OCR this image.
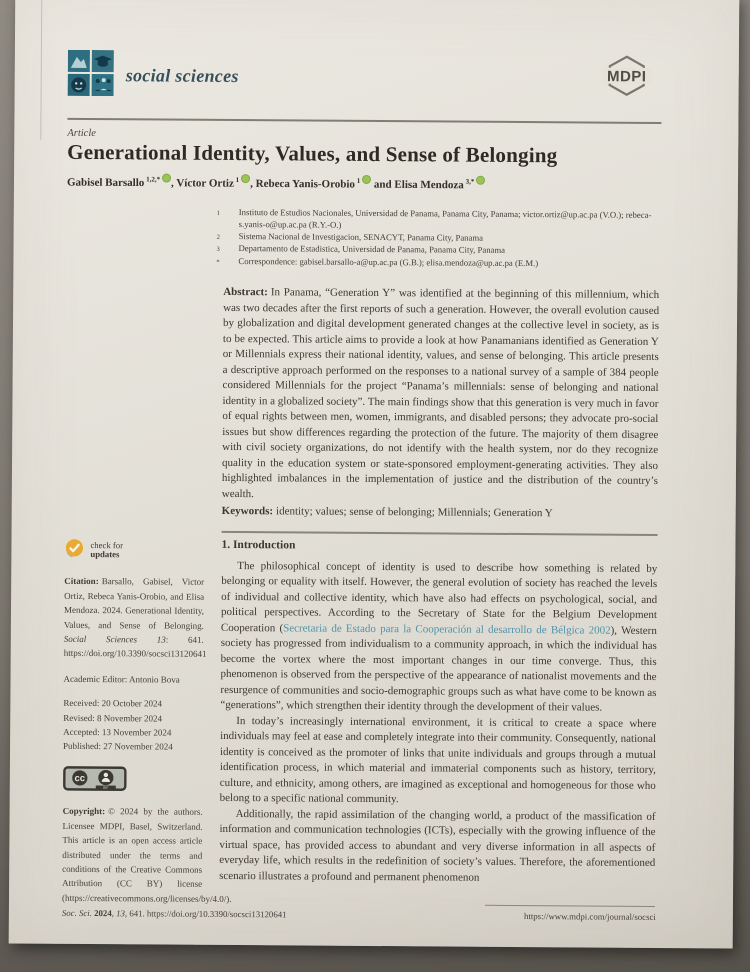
social sciences	MDPI
Article
Generational Identity, Values, and Sense of Belonging
Gabisel Barsallo $^{1,2,*}$ , Víctor Ortiz $^1$ , Rebeca Yanis-Orobio $^1$ and Elisa Mendoza $^{3,*}$
1	Instituto de Estudios Nacionales, Universidad de Panama, Panama City, Panama; victor.ortiz@up.ac.pa (V.O.); rebeca-s.yanis-o@up.ac.pa (R.Y.-O.)
2	Sistema Nacional de Investigacion, SENACYT, Panama City, Panama
3	Departamento de Estadistica, Universidad de Panama, Panama City, Panama
*	Correspondence: gabisel.barsallo-a@up.ac.pa (G.B.); elisa.mendoza@up.ac.pa (E.M.)
Abstract: In Panama, “Generation Y” was identified at the beginning of this millennium, which was two decades after the first reports of such a generation. However, the overall evolution caused by globalization and digital development generated changes at the collective level in society, as is to be expected. This article aims to provide a look at how Panamanians identified as Generation Y or Millennials express their national identity, values, and sense of belonging. This article presents a descriptive approach performed on the responses to a national survey of a sample of 384 people considered Millennials for the project “Panama’s millennials: sense of belonging and national identity in a globalized society”. The main findings show that this generation is very much in favor of equal rights between men, women, immigrants, and disabled persons; they advocate pro-social issues but show differences regarding the protection of the future. The majority of them disagree with civil society organizations, do not identify with the health system, nor do they recognize quality in the education system or state-sponsored employment-generating activities. They also highlighted imbalances in the implementation of justice and the distribution of the country’s wealth.
Keywords: identity; values; sense of belonging; Millennials; Generation Y
check for
updates
Citation: Barsallo, Gabisel, Victor Ortiz, Rebeca Yanis-Orobio, and Elisa Mendoza. 2024. Generational Identity, Values, and Sense of Belonging. Social Sciences 13: 641. https://doi.org/10.3390/socsci13120641
Academic Editor: Antonio Bova
Received: 20 October 2024
Revised: 8 November 2024
Accepted: 13 November 2024
Published: 27 November 2024
cc
BY
Copyright: © 2024 by the authors. Licensee MDPI, Basel, Switzerland. This article is an open access article distributed under the terms and conditions of the Creative Commons Attribution (CC BY) license (https://creativecommons.org/licenses/by/4.0/).
1. Introduction

The philosophical concept of identity is used to describe how something is related by belonging or equality with itself. However, the general evolution of society has reached the levels of individual and collective identity, which have also had effects on psychological, social, and political perspectives. According to the Secretary of State for the Belgium Development Cooperation (Secretaria de Estado para la Cooperación al desarrollo de Bélgica 2002), Western society has progressed from individualism to a community approach, in which the individual has become the vortex where the most important changes in our time converge. Thus, this phenomenon is observed from the perspective of the appearance of nationalist movements and the resurgence of communities and socio-demographic groups such as what have come to be known as “generations”, which strengthen their identity through the development of their values.

In today’s increasingly international environment, it is critical to create a space where individuals may feel at ease and completely integrate into their community. Consequently, national identity is conceived as the promoter of links that unite individuals and groups through a mutual identification process, in which material and immaterial components such as history, territory, culture, and ethnicity, among others, are imagined as exceptional and homogeneous for those who belong to a specific national community.

Additionally, the rapid assimilation of the changing world, a product of the massification of information and communication technologies (ICTs), especially with the growing influence of the virtual space, has provided access to abundant and very diverse information in all aspects of everyday life, which results in the redefinition of society’s values. Therefore, the aforementioned scenario illustrates a profound and permanent phenomenon

Soc. Sci. 2024, 13, 641. https://doi.org/10.3390/socsci13120641	https://www.mdpi.com/journal/socsci
